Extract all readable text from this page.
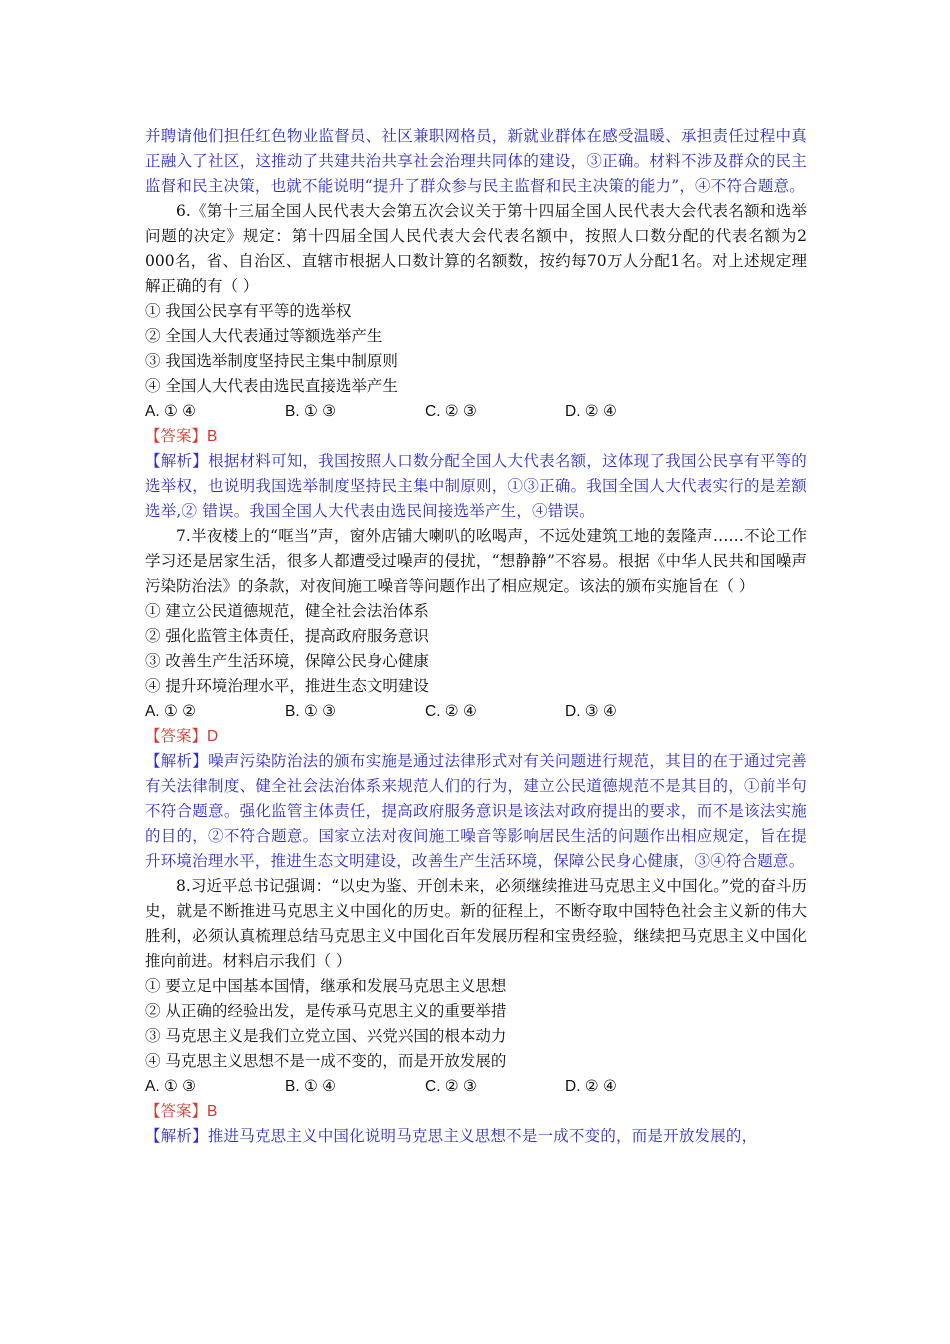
并聘请他们担任红色物业监督员、社区兼职网格员，新就业群体在感受温暖、承担责任过程中真正融入了社区，这推动了共建共治共享社会治理共同体的建设，③正确。材料不涉及群众的民主监督和民主决策，也就不能说明“提升了群众参与民主监督和民主决策的能力”，④不符合题意。

6.《第十三届全国人民代表大会第五次会议关于第十四届全国人民代表大会代表名额和选举问题的决定》规定：第十四届全国人民代表大会代表名额中，按照人口数分配的代表名额为2 000名，省、自治区、直辖市根据人口数计算的名额数，按约每70万人分配1名。对上述规定理解正确的有（ ）

① 我国公民享有平等的选举权

② 全国人大代表通过等额选举产生

③ 我国选举制度坚持民主集中制原则

④ 全国人大代表由选民直接选举产生

A. ① ④	B. ① ③	C. ② ③	D. ② ④

【答案】B

【解析】根据材料可知，我国按照人口数分配全国人大代表名额，这体现了我国公民享有平等的选举权，也说明我国选举制度坚持民主集中制原则，①③正确。我国全国人大代表实行的是差额选举,② 错误。我国全国人大代表由选民间接选举产生，④错误。

7.半夜楼上的“哐当”声，窗外店铺大喇叭的吆喝声，不远处建筑工地的轰隆声……不论工作学习还是居家生活，很多人都遭受过噪声的侵扰，“想静静”不容易。根据《中华人民共和国噪声污染防治法》的条款，对夜间施工噪音等问题作出了相应规定。该法的颁布实施旨在（ ）

① 建立公民道德规范，健全社会法治体系

② 强化监管主体责任，提高政府服务意识

③ 改善生产生活环境，保障公民身心健康

④ 提升环境治理水平，推进生态文明建设

A. ① ②	B. ① ③	C. ② ④	D. ③ ④

【答案】D

【解析】噪声污染防治法的颁布实施是通过法律形式对有关问题进行规范，其目的在于通过完善有关法律制度、健全社会法治体系来规范人们的行为，建立公民道德规范不是其目的，①前半句不符合题意。强化监管主体责任，提高政府服务意识是该法对政府提出的要求，而不是该法实施的目的，②不符合题意。国家立法对夜间施工噪音等影响居民生活的问题作出相应规定，旨在提升环境治理水平，推进生态文明建设，改善生产生活环境，保障公民身心健康，③④符合题意。

8.习近平总书记强调：“以史为鉴、开创未来，必须继续推进马克思主义中国化。”党的奋斗历史，就是不断推进马克思主义中国化的历史。新的征程上，不断夺取中国特色社会主义新的伟大胜利，必须认真梳理总结马克思主义中国化百年发展历程和宝贵经验，继续把马克思主义中国化推向前进。材料启示我们（ ）

① 要立足中国基本国情，继承和发展马克思主义思想

② 从正确的经验出发，是传承马克思主义的重要举措

③ 马克思主义是我们立党立国、兴党兴国的根本动力

④ 马克思主义思想不是一成不变的，而是开放发展的

A. ① ③	B. ① ④	C. ② ③	D. ② ④

【答案】B

【解析】推进马克思主义中国化说明马克思主义思想不是一成不变的，而是开放发展的，
